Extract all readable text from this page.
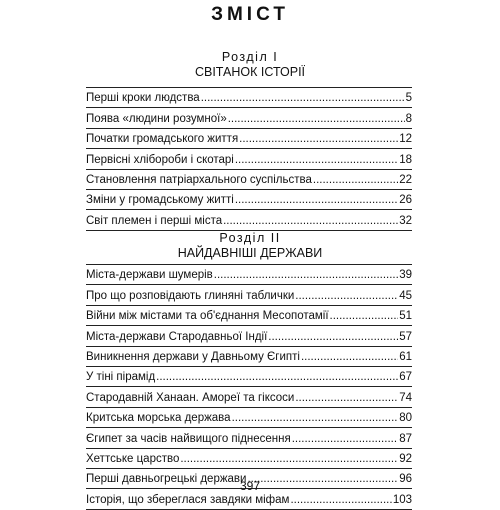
ЗМІСТ
Розділ I
СВІТАНОК ІСТОРІЇ
Перші кроки людства . . .	5
Поява «людини розумної» . . .	8
Початки громадського життя . . .	12
Первісні хлібороби і скотарі . . .	18
Становлення патріархального суспільства . . .	22
Зміни у громадському житті . . .	26
Світ племен і перші міста . . .	32
Розділ II
НАЙДАВНІШІ ДЕРЖАВИ
Міста-держави шумерів . . .	39
Про що розповідають глиняні таблички . . .	45
Війни між містами та об'єднання Месопотамії . . .	51
Міста-держави Стародавньої Індії . . .	57
Виникнення держави у Давньому Єгипті . . .	61
У тіні пірамід . . .	67
Стародавній Ханаан. Амореї та гіксоси . . .	74
Критська морська держава . . .	80
Єгипет за часів найвищого піднесення . . .	87
Хеттське царство . . .	92
Перші давньогрецькі держави . . .	96
Історія, що збереглася завдяки міфам . . .	103
397
